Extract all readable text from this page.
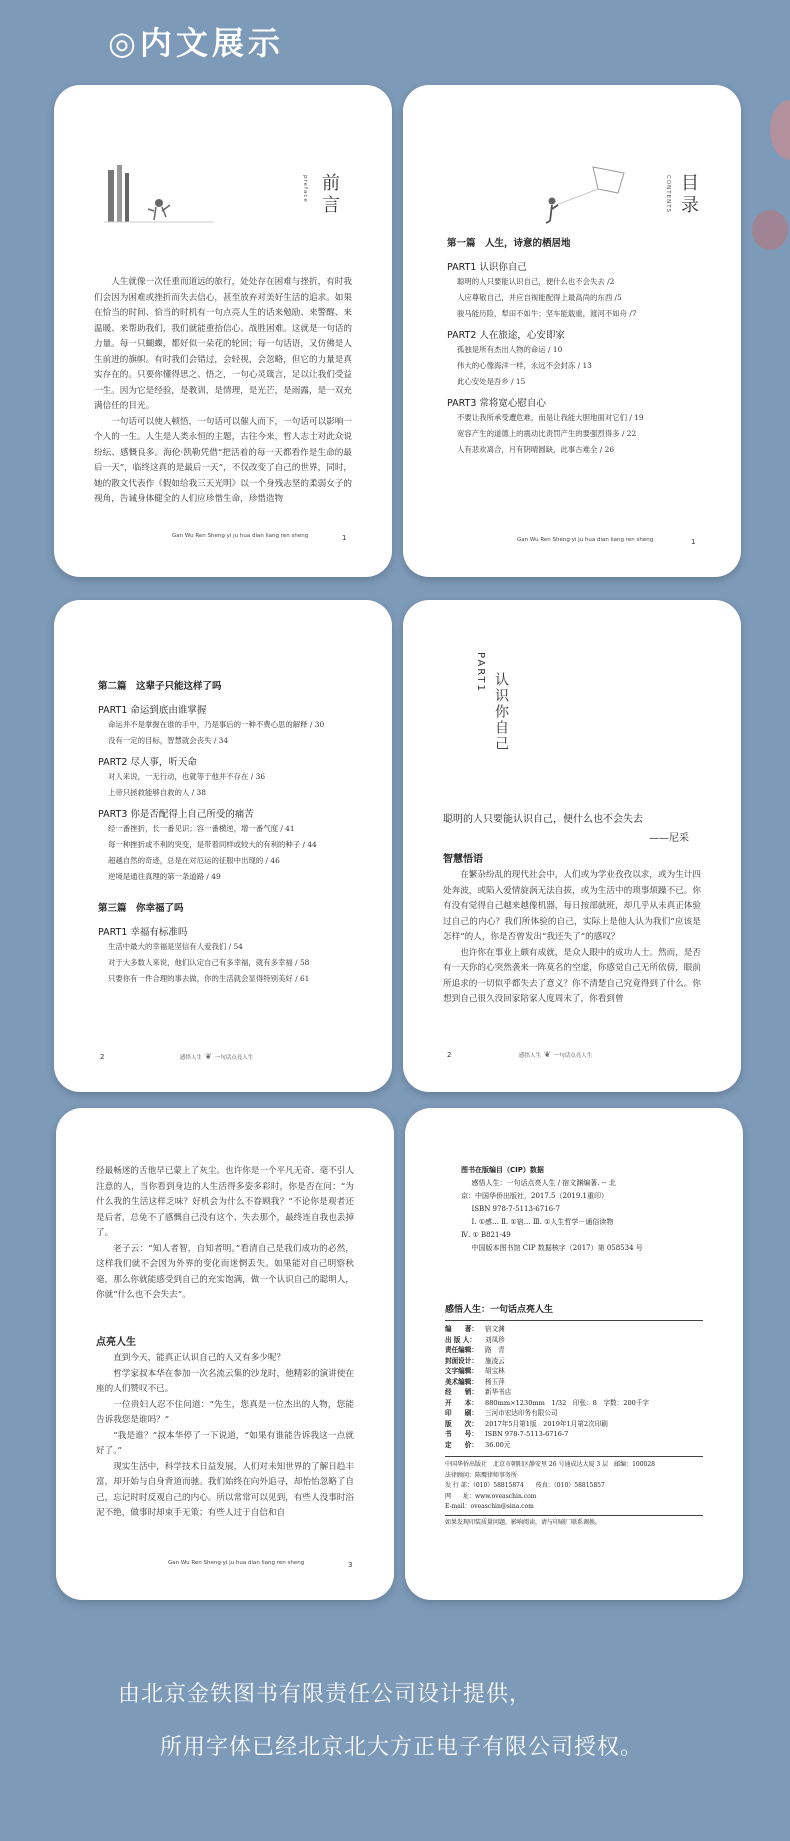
◎内文展示
前言
preface

人生就像一次任重而道远的旅行，处处存在困难与挫折，有时我们会因为困难或挫折而失去信心，甚至放弃对美好生活的追求。如果在恰当的时间、恰当的时机有一句点亮人生的话来勉励、来警醒、来温暖、来帮助我们，我们就能重拾信心、战胜困难。这就是一句话的力量。每一只蝴蝶，都好似一朵花的轮回；每一句话语，又仿佛是人生前进的旗帜。有时我们会错过，会轻视，会忽略，但它的力量是真实存在的。只要你懂得思之、悟之，一句心灵箴言，足以让我们受益一生。因为它是经验，是教训，是情理，是光芒，是雨露，是一双充满信任的目光。

一句话可以使人顿悟，一句话可以催人而下，一句话可以影响一个人的一生。人生是人类永恒的主题，古往今来，哲人志士对此众说纷纭、感慨良多。海伦·凯勒凭借“把活着的每一天都看作是生命的最后一天”，临终这真的是最后一天”，不仅改变了自己的世界，同时，她的散文代表作《假如给我三天光明》以一个身残志坚的柔弱女子的视角，告诫身体健全的人们应珍惜生命，珍惜造物

Gan Wu Ren Sheng·yi ju hua dian liang ren sheng	1
目录
CONTENTS
第一篇　人生，诗意的栖居地
PART1 认识你自己
聪明的人只要能认识自己，便什么也不会失去 /2
人应尊敬自己，并应自视能配得上最高尚的东西 /5
骏马能历险，犁田不如牛；坚车能载重，渡河不如舟 /7
PART2 人在旅途，心安即家
孤独是所有杰出人物的命运 / 10
伟大的心像海洋一样，永远不会封冻 / 13
此心安处是吾乡 / 15
PART3 常将宽心慰自心
不要让我所承受遭危难，而是让我能大胆地面对它们 / 19
宽容产生的道德上的震动比责罚产生的要强烈得多 / 22
人有悲欢离合，月有阴晴圆缺，此事古难全 / 26
Gan Wu Ren Sheng·yi ju hua dian liang ren sheng	1
第二篇　这辈子只能这样了吗
PART1 命运到底由谁掌握
命运并不是掌握在谁的手中，乃是事后的一种不费心思的解释 / 30
没有一定的目标，智慧就会丧失 / 34
PART2 尽人事，听天命
对人来说，一无行动，也就等于他并不存在 / 36
上帝只拯救能够自救的人 / 38
PART3 你是否配得上自己所受的痛苦
经一番挫折，长一番见识；容一番横逆，增一番气度 / 41
每一种挫折或不利的突变，是带着同样或较大的有利的种子 / 44
超越自然的奇迹，总是在对厄运的征服中出现的 / 46
逆境是通往真理的第一条道路 / 49
第三篇　你幸福了吗
PART1 幸福有标准吗
生活中最大的幸福是坚信有人爱我们 / 54
对于大多数人来说，他们认定自己有多幸福，就有多幸福 / 58
只要你有一件合理的事去做，你的生活就会显得特别美好 / 61
2	感悟人生 ❦ 一句话点亮人生
PART1 认识你自己
聪明的人只要能认识自己，便什么也不会失去
——尼采
智慧悟语

在繁杂纷乱的现代社会中，人们或为学业孜孜以求，或为生计四处奔波，或陷入爱情旋涡无法自拔，或为生活中的琐事烦躁不已。你有没有觉得自己越来越像机器，每日按部就班，却几乎从未真正体验过自己的内心？我们所体验的自己，实际上是他人认为我们“应该是怎样”的人，你是否曾发出“我还失了”的感叹？

也许你在事业上颇有成就，是众人眼中的成功人士。然而，是否有一天你的心突然袭来一阵莫名的空虚，你感觉自己无所依傍，眼前所追求的一切似乎都失去了意义？你不清楚自己究竟得到了什么。你想到自己很久没回家陪家人度周末了，你看到曾

2	感悟人生 ❦ 一句话点亮人生

经最畅迷的舌他早已蒙上了灰尘。也许你是一个平凡无奇、毫不引人注意的人，当你看到身边的人生活得多姿多彩时，你是否在问：“为什么我的生活这样乏味？好机会为什么不眷顾我？”不论你是观者还是后者，总免不了感慨自己没有这个、失去那个，最终连自我也丢掉了。

老子云：“知人者智，自知者明。”看清自己是我们成功的必然，这样我们就不会因为外界的变化而迷惘丢失。如果能对自己明察秋毫，那么你就能感受到自己的充实饱满，做一个认识自己的聪明人，你就“什么也不会失去”。

点亮人生

直到今天，能真正认识自己的人又有多少呢？

哲学家叔本华在参加一次名流云集的沙龙时，他精彩的演讲使在座的人们赞叹不已。

一位贵妇人忍不住问道：“先生，您真是一位杰出的人物，您能告诉我您是谁吗？”

“我是谁？”叔本华停了一下说道，“如果有谁能告诉我这一点就好了。”

现实生活中，科学技术日益发展，人们对未知世界的了解日趋丰富，却开始与自身背道而驰。我们始终在向外追寻，却怡怡忽略了自己，忘记时时反观自己的内心。所以常常可以见到，有些人没事时浴泥不绝，做事时却束手无策；有些人过于自信和自

Gan Wu Ren Sheng·yi ju hua dian liang ren sheng	3
图书在版编目（CIP）数据
感悟人生：一句话点亮人生 / 宿文渊编著. -- 北
京：中国华侨出版社，2017.5（2019.1重印）
ISBN 978-7-5113-6716-7
Ⅰ. ①感… Ⅱ. ①宿… Ⅲ. ①人生哲学－通俗读物
Ⅳ. ① B821-49
中国版本图书馆 CIP 数据核字（2017）第 058534 号
感悟人生：一句话点亮人生
编　　著：	宿文渊
出 版 人：	刘凤珍
责任编辑：	路　青
封面设计：	施凌云
文字编辑：	胡宝林
美术编辑：	杨玉萍
经　　销：	新华书店
开　　本：	880mm×1230mm　1/32　印张：8　字数：200千字
印　　刷：	三河市宏达印务有限公司
版　　次：	2017年5月第1版　2019年1月第2次印刷
书　　号：	ISBN 978-7-5113-6716-7
定　　价：	36.00元
中国华侨出版社　北京市朝阳区静安里 26 号通成达大厦 3 层　邮编：100028
法律顾问：陈鹰律师事务所
发 行 部：（010）58815874　　传真：（010）58815857
网　　址：www.oveaschin.com
E-mail：oveaschin@sina.com
如果发现印装质量问题，影响阅读，请与印刷厂联系调换。
由北京金铁图书有限责任公司设计提供，
所用字体已经北京北大方正电子有限公司授权。
